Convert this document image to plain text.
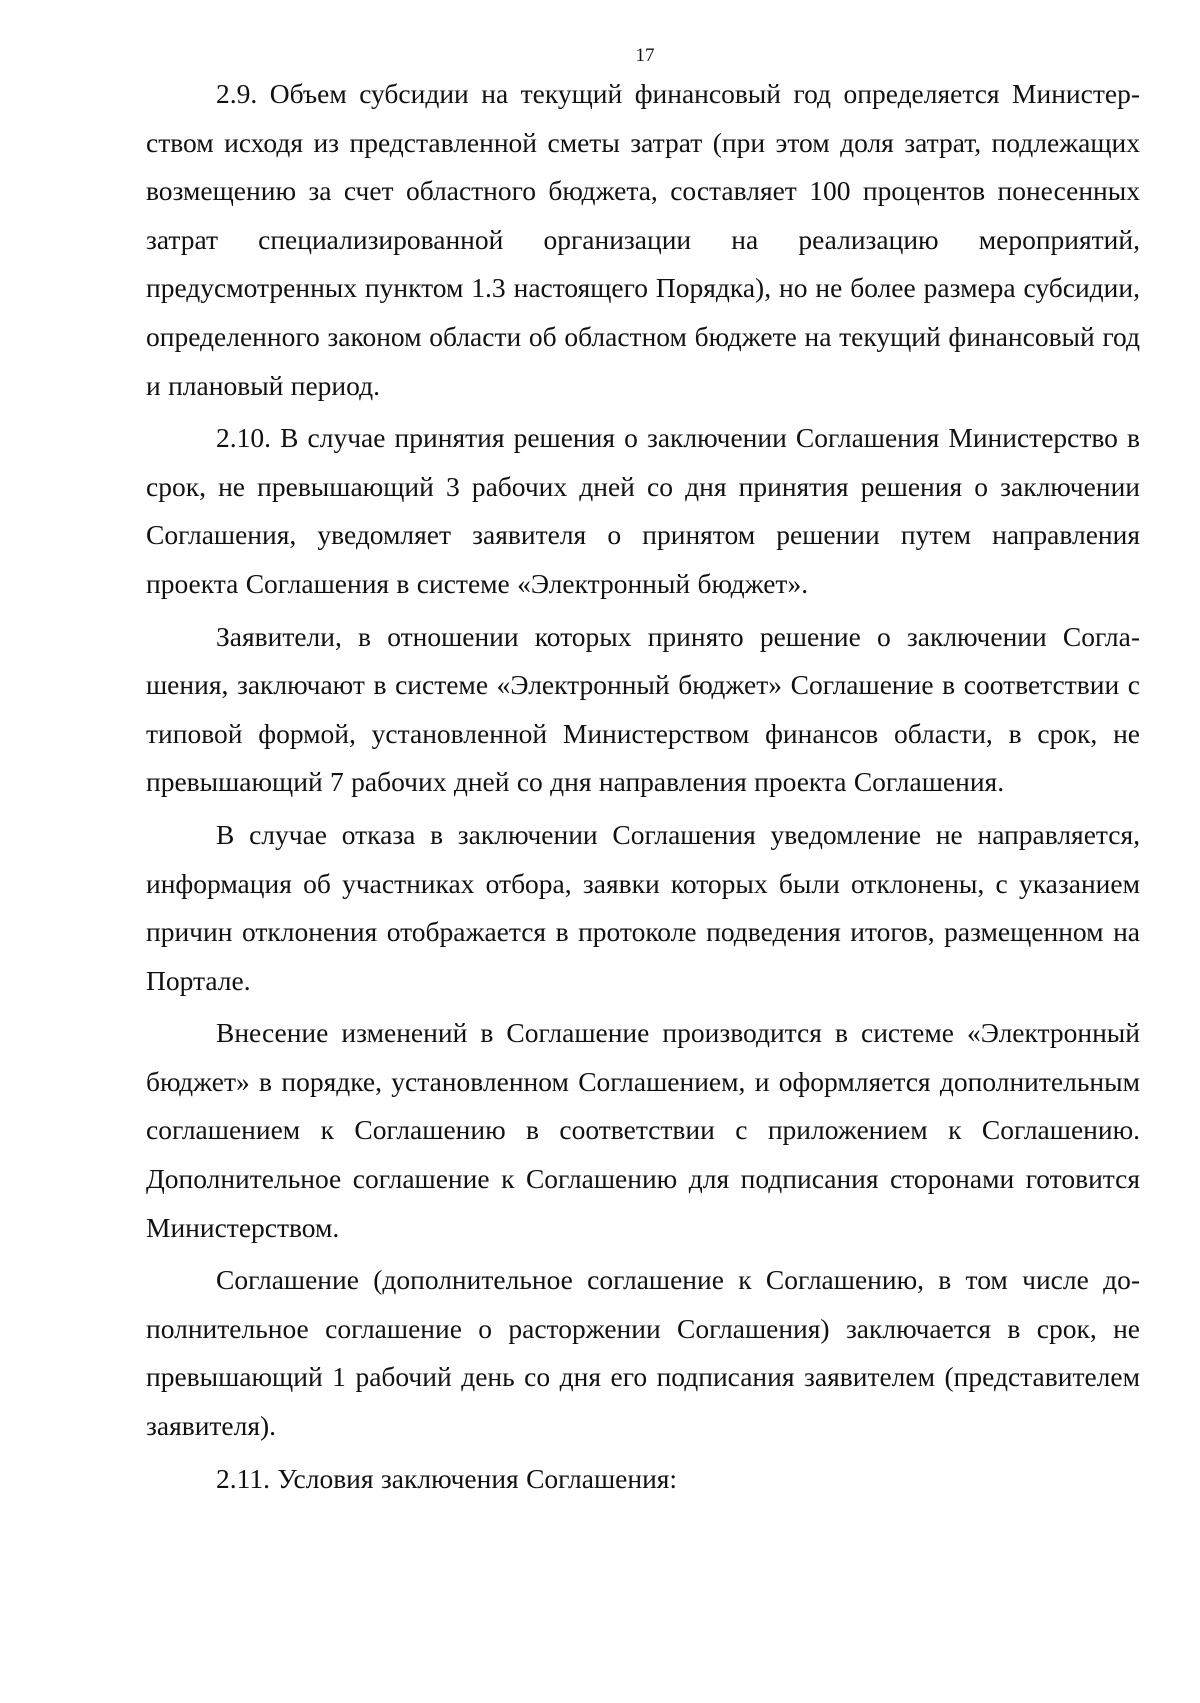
17

2.9. Объем субсидии на текущий финансовый год определяется Министерством исходя из представленной сметы затрат (при этом доля затрат, подлежащих возмещению за счет областного бюджета, составляет 100 процентов понесенных затрат специализированной организации на реализацию мероприятий, предусмотренных пунктом 1.3 настоящего Порядка), но не более размера субсидии, определенного законом области об областном бюджете на текущий финансовый год и плановый период.

2.10. В случае принятия решения о заключении Соглашения Министерство в срок, не превышающий 3 рабочих дней со дня принятия решения о заключении Соглашения, уведомляет заявителя о принятом решении путем направления проекта Соглашения в системе «Электронный бюджет».

Заявители, в отношении которых принято решение о заключении Соглашения, заключают в системе «Электронный бюджет» Соглашение в соответствии с типовой формой, установленной Министерством финансов области, в срок, не превышающий 7 рабочих дней со дня направления проекта Соглашения.

В случае отказа в заключении Соглашения уведомление не направляется, информация об участниках отбора, заявки которых были отклонены, с указанием причин отклонения отображается в протоколе подведения итогов, размещенном на Портале.

Внесение изменений в Соглашение производится в системе «Электронный бюджет» в порядке, установленном Соглашением, и оформляется дополнительным соглашением к Соглашению в соответствии с приложением к Соглашению. Дополнительное соглашение к Соглашению для подписания сторонами готовится Министерством.

Соглашение (дополнительное соглашение к Соглашению, в том числе дополнительное соглашение о расторжении Соглашения) заключается в срок, не превышающий 1 рабочий день со дня его подписания заявителем (представителем заявителя).

2.11. Условия заключения Соглашения:
